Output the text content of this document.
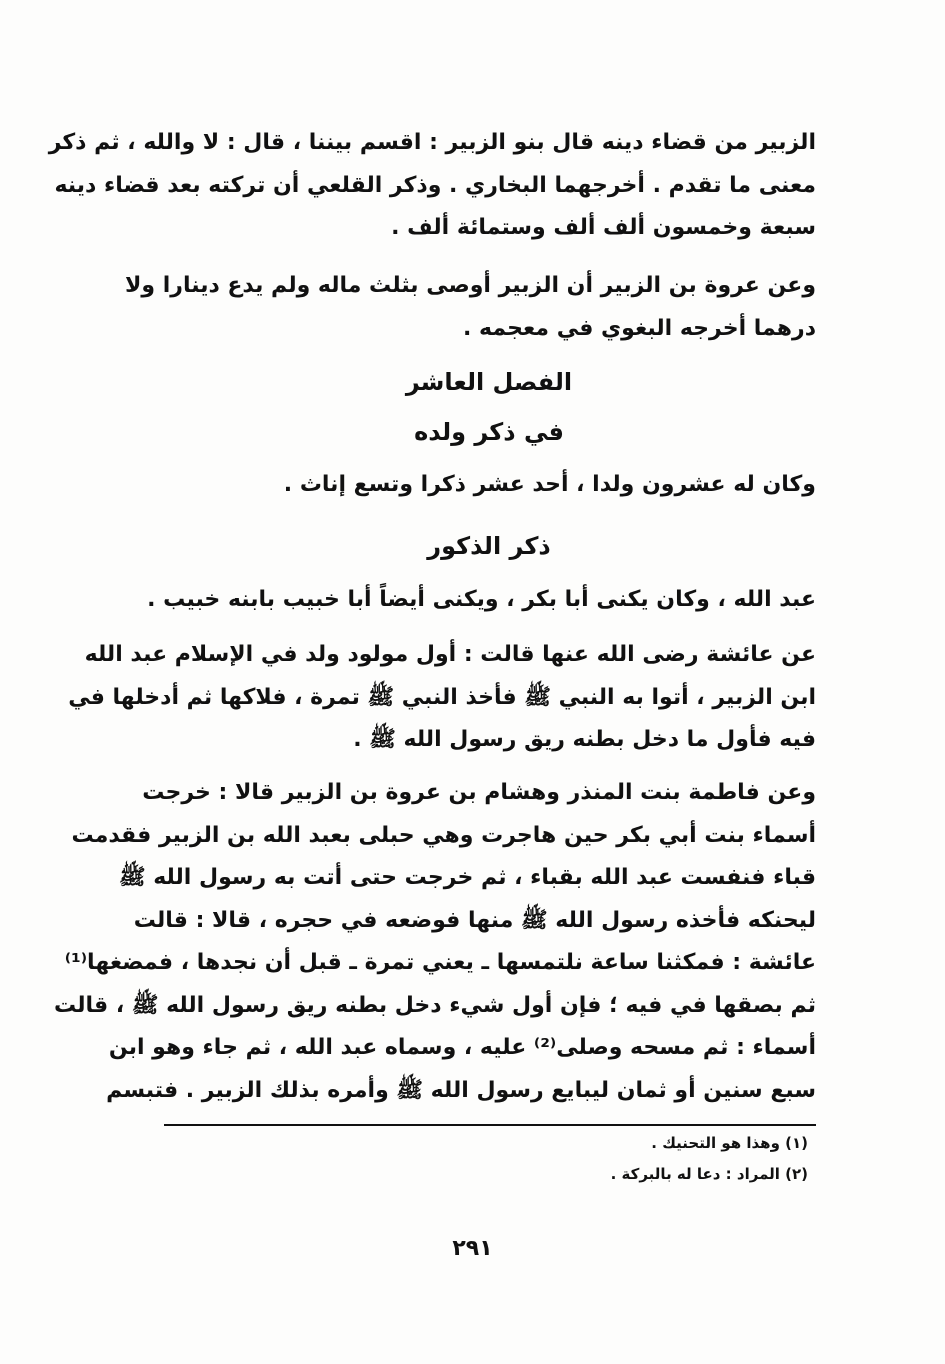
الزبير من قضاء دينه قال بنو الزبير : اقسم بيننا ، قال : لا والله ، ثم ذكر
معنى ما تقدم . أخرجهما البخاري . وذكر القلعي أن تركته بعد قضاء دينه
سبعة وخمسون ألف ألف وستمائة ألف .
وعن عروة بن الزبير أن الزبير أوصى بثلث ماله ولم يدع دينارا ولا
درهما أخرجه البغوي في معجمه .
الفصل العاشر
في ذكر ولده
وكان له عشرون ولدا ، أحد عشر ذكرا وتسع إناث .
ذكر الذكور
عبد الله ، وكان يكنى أبا بكر ، ويكنى أيضاً أبا خبيب بابنه خبيب .
عن عائشة رضى الله عنها قالت : أول مولود ولد في الإسلام عبد الله
ابن الزبير ، أتوا به النبي ﷺ فأخذ النبي ﷺ تمرة ، فلاكها ثم أدخلها في
فيه فأول ما دخل بطنه ريق رسول الله ﷺ .
وعن فاطمة بنت المنذر وهشام بن عروة بن الزبير قالا : خرجت
أسماء بنت أبي بكر حين هاجرت وهي حبلى بعبد الله بن الزبير فقدمت
قباء فنفست عبد الله بقباء ، ثم خرجت حتى أتت به رسول الله ﷺ
ليحنكه فأخذه رسول الله ﷺ منها فوضعه في حجره ، قالا : قالت
عائشة : فمكثنا ساعة نلتمسها ـ يعني تمرة ـ قبل أن نجدها ، فمضغها⁽¹⁾
ثم بصقها في فيه ؛ فإن أول شيء دخل بطنه ريق رسول الله ﷺ ، قالت
أسماء : ثم مسحه وصلى⁽²⁾ عليه ، وسماه عبد الله ، ثم جاء وهو ابن
سبع سنين أو ثمان ليبايع رسول الله ﷺ وأمره بذلك الزبير . فتبسم
(١) وهذا هو التحنيك .
(٢) المراد : دعا له بالبركة .
٢٩١
